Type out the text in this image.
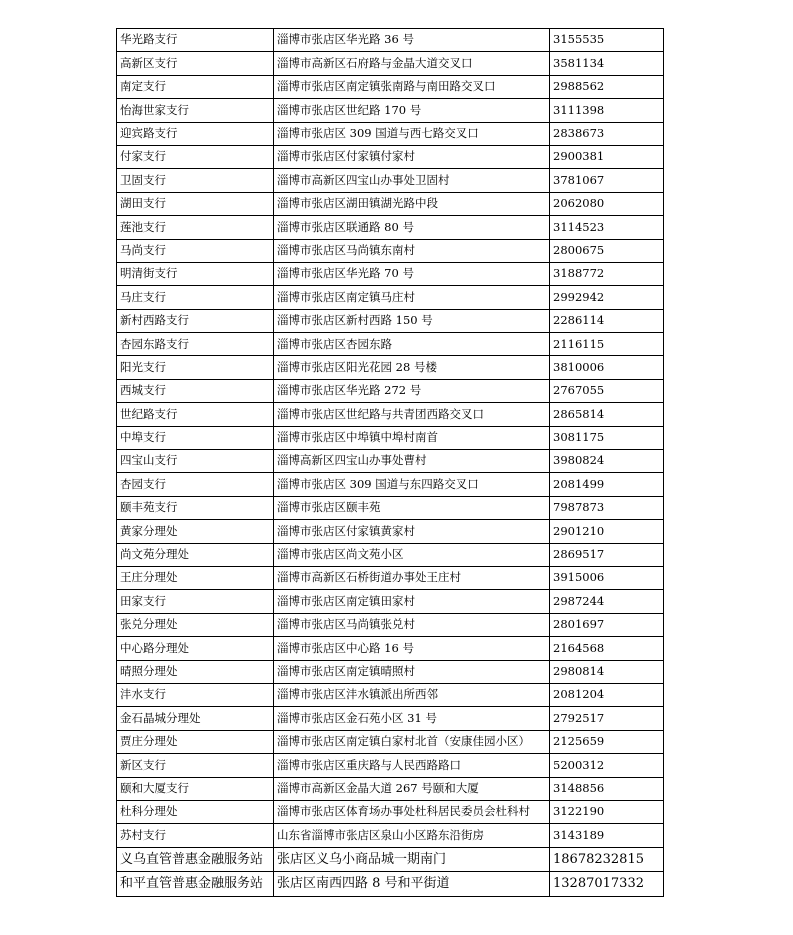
华光路支行	淄博市张店区华光路 36 号	3155535
高新区支行	淄博市高新区石府路与金晶大道交叉口	3581134
南定支行	淄博市张店区南定镇张南路与南田路交叉口	2988562
怡海世家支行	淄博市张店区世纪路 170 号	3111398
迎宾路支行	淄博市张店区 309 国道与西七路交叉口	2838673
付家支行	淄博市张店区付家镇付家村	2900381
卫固支行	淄博市高新区四宝山办事处卫固村	3781067
湖田支行	淄博市张店区湖田镇湖光路中段	2062080
莲池支行	淄博市张店区联通路 80 号	3114523
马尚支行	淄博市张店区马尚镇东南村	2800675
明清街支行	淄博市张店区华光路 70 号	3188772
马庄支行	淄博市张店区南定镇马庄村	2992942
新村西路支行	淄博市张店区新村西路 150 号	2286114
杏园东路支行	淄博市张店区杏园东路	2116115
阳光支行	淄博市张店区阳光花园 28 号楼	3810006
西城支行	淄博市张店区华光路 272 号	2767055
世纪路支行	淄博市张店区世纪路与共青团西路交叉口	2865814
中埠支行	淄博市张店区中埠镇中埠村南首	3081175
四宝山支行	淄博高新区四宝山办事处曹村	3980824
杏园支行	淄博市张店区 309 国道与东四路交叉口	2081499
颐丰苑支行	淄博市张店区颐丰苑	7987873
黄家分理处	淄博市张店区付家镇黄家村	2901210
尚文苑分理处	淄博市张店区尚文苑小区	2869517
王庄分理处	淄博市高新区石桥街道办事处王庄村	3915006
田家支行	淄博市张店区南定镇田家村	2987244
张兑分理处	淄博市张店区马尚镇张兑村	2801697
中心路分理处	淄博市张店区中心路 16 号	2164568
晴照分理处	淄博市张店区南定镇晴照村	2980814
沣水支行	淄博市张店区沣水镇派出所西邻	2081204
金石晶城分理处	淄博市张店区金石苑小区 31 号	2792517
贾庄分理处	淄博市张店区南定镇白家村北首（安康佳园小区）	2125659
新区支行	淄博市张店区重庆路与人民西路路口	5200312
颐和大厦支行	淄博市高新区金晶大道 267 号颐和大厦	3148856
杜科分理处	淄博市张店区体育场办事处杜科居民委员会杜科村	3122190
苏村支行	山东省淄博市张店区泉山小区路东沿街房	3143189
义乌直管普惠金融服务站	张店区义乌小商品城一期南门	18678232815
和平直管普惠金融服务站	张店区南西四路 8 号和平街道	13287017332
